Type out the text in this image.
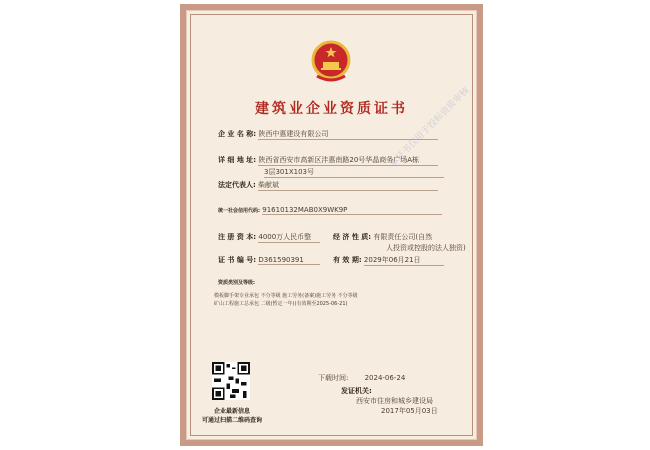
建筑业企业资质证书
企 业 名 称: 陕西中惠建设有限公司
详 细 地 址: 陕西省西安市高新区沣惠南路20号华晶商务广场A栋
3层301X103号
法定代表人: 柴献斌
统一社会信用代码: 91610132MAB0X9WK9P
注 册 资 本: 4000万人民币整	经 济 性 质: 有限责任公司(自然
人投资或控股的法人独资)
证 书 编 号: D361590391	有 效 期: 2029年06月21日
资质类别及等级:
模板脚手架专业承包 不分等级 施工劳务(备案)施工劳务 不分等级
矿山工程施工总承包 二级(暂定一年)(有效期至2025-06-21)
下载时间: 2024-06-24
发证机关:
西安市住房和城乡建设局
2017年05月03日
企业最新信息
可通过扫描二维码查询
本证书仅用于投标资质审核
